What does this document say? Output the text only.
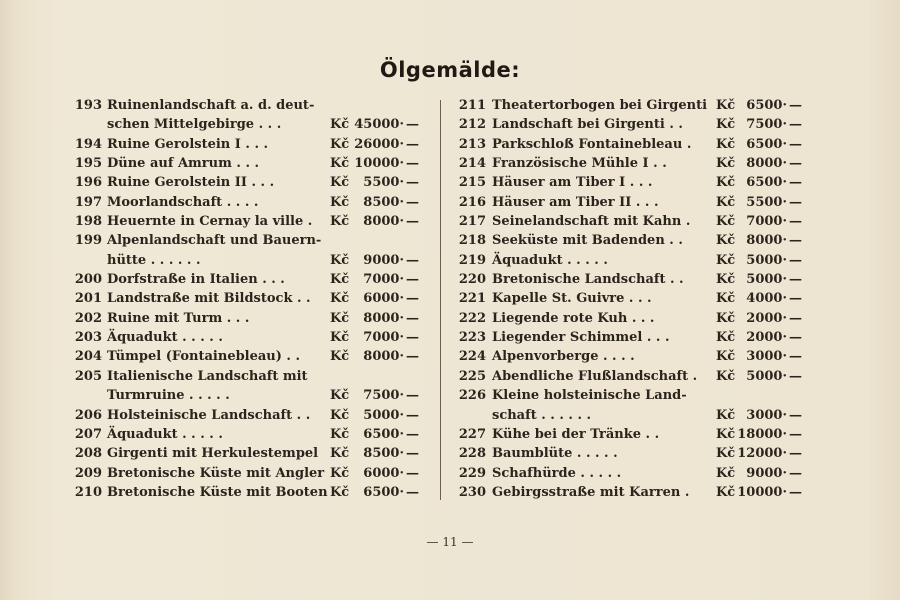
Ölgemälde:
193 Ruinenlandschaft a. d. deut-
schen Mittelgebirge . . .	Kč 45000· —
194 Ruine Gerolstein I . . .	Kč 26000· —
195 Düne auf Amrum . . .	Kč 10000· —
196 Ruine Gerolstein II . . .	Kč	5500· —
197 Moorlandschaft . . . .	Kč	8500· —
198 Heuernte in Cernay la ville . Kč	8000· —
199 Alpenlandschaft und Bauern-
hütte . . . . . .	Kč	9000· —
200 Dorfstraße in Italien . . .	Kč	7000· —
201 Landstraße mit Bildstock . . Kč	6000· —
202 Ruine mit Turm . . .	Kč	8000· —
203 Äquadukt . . . . .	Kč	7000· —
204 Tümpel (Fontainebleau) . . Kč	8000· —
205 Italienische Landschaft mit
Turmruine . . . . .	Kč	7500· —
206 Holsteinische Landschaft . . Kč	5000· —
207 Äquadukt . . . . .	Kč	6500· —
208 Girgenti mit Herkulestempel Kč	8500· —
209 Bretonische Küste mit Angler Kč	6000· —
210 Bretonische Küste mit Booten Kč	6500· —
211 Theatertorbogen bei Girgenti Kč 6500· —
212 Landschaft bei Girgenti . .	Kč 7500· —
213 Parkschloß Fontainebleau . Kč 6500· —
214 Französische Mühle I . .	Kč 8000· —
215 Häuser am Tiber I . . .	Kč 6500· —
216 Häuser am Tiber II . . .	Kč 5500· —
217 Seinelandschaft mit Kahn . Kč 7000· —
218 Seeküste mit Badenden . .	Kč 8000· —
219 Äquadukt . . . . .	Kč 5000· —
220 Bretonische Landschaft . . Kč 5000· —
221 Kapelle St. Guivre . . .	Kč 4000· —
222 Liegende rote Kuh . . .	Kč 2000· —
223 Liegender Schimmel . . .	Kč 2000· —
224 Alpenvorberge . . . .	Kč 3000· —
225 Abendliche Flußlandschaft . Kč 5000· —
226 Kleine holsteinische Land-
schaft . . . . . .	Kč 3000· —
227 Kühe bei der Tränke . .	Kč 18000· —
228 Baumblüte . . . . .	Kč 12000· —
229 Schafhürde . . . . .	Kč 9000· —
230 Gebirgsstraße mit Karren . Kč 10000· —
— 11 —
